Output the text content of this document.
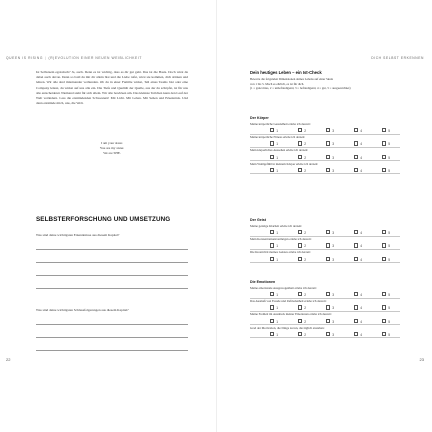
QUEEN IS RISING | (R)EVOLUTION EINER NEUEN WEIBLICHKEIT
Ist Selbstsein egoistisch? Ja, auch. Denn es ist wichtig, dass es dir gut geht. Das ist die Basis. Doch wirst du dabei auch davon. Denn so bald du mit dir allein bist und die Liebe rufst, wirst sie kommen, dich stärken und lehren. Wir alle sind miteinander verbunden. Ob du in einer Familie wirkst, Teil eines Teams bist oder eine Company leitest, du wirkst auf uns alle ein. Die Tiefe und Qualität der Quelle, aus der du schöpfst, ist für uns alle entscheidend. Niemand sieht für sich allein. Wir alle bewirken um. Das kleinste Teilchen kann den Lauf der Welt verändern. Lass die entzündenden Schwestern! Mit Licht. Mit Leben. Mit Sehen und Erkenntnis. Und dann entzünde mich, uns, die Welt.
I am your sister.
You are my sister.
We are SHE.
SELBSTERFORSCHUNG UND UMSETZUNG
Was sind deine wichtigsten Erkenntnisse aus diesem Kapitel?
Was sind deine wichtigsten Schlussfolgerungen aus diesem Kapitel?
22
DICH SELBST ERKENNEN
23
Dein heutiges Leben – ein Ist-Check
Bewerte die folgenden Dimensionen deines Lebens auf einer Skala
von 1 bis 5. Mach es ehrlich, es ist für dich.
(1 = ganz mies, 2 = unbefriedigend, 3 = befriedigend, 4 = gut, 5 = ausgezeichnet)
Der Körper
Meine körperliche Gesundheit erlebe ich derzeit:
1	2	3	4	5
Meine körperliche Fitness erlebe ich derzeit:
1	2	3	4	5
Mein körperliches Aussehen erlebe ich derzeit:
1	2	3	4	5
Mein Wohlgefühl in meinem Körper erlebe ich derzeit:
1	2	3	4	5
Der Geist
Meine geistige Klarheit erlebe ich derzeit:
1	2	3	4	5
Mein Konzentrationsvermögen erlebe ich derzeit:
1	2	3	4	5
Die Kreativität meines Geistes erlebe ich derzeit:
1	2	3	4	5
Die Emotionen
Meine emotionale Ausgewogenheit erlebe ich derzeit:
1	2	3	4	5
Das Ausmaß von Freude und Zufriedenheit erlebe ich derzeit:
1	2	3	4	5
Meine Freiheit im Ausdruck meiner Emotionen erlebe ich derzeit:
1	2	3	4	5
Grad der Motivation, die Dinge zu tun, die täglich anstehen:
1	2	3	4	5
